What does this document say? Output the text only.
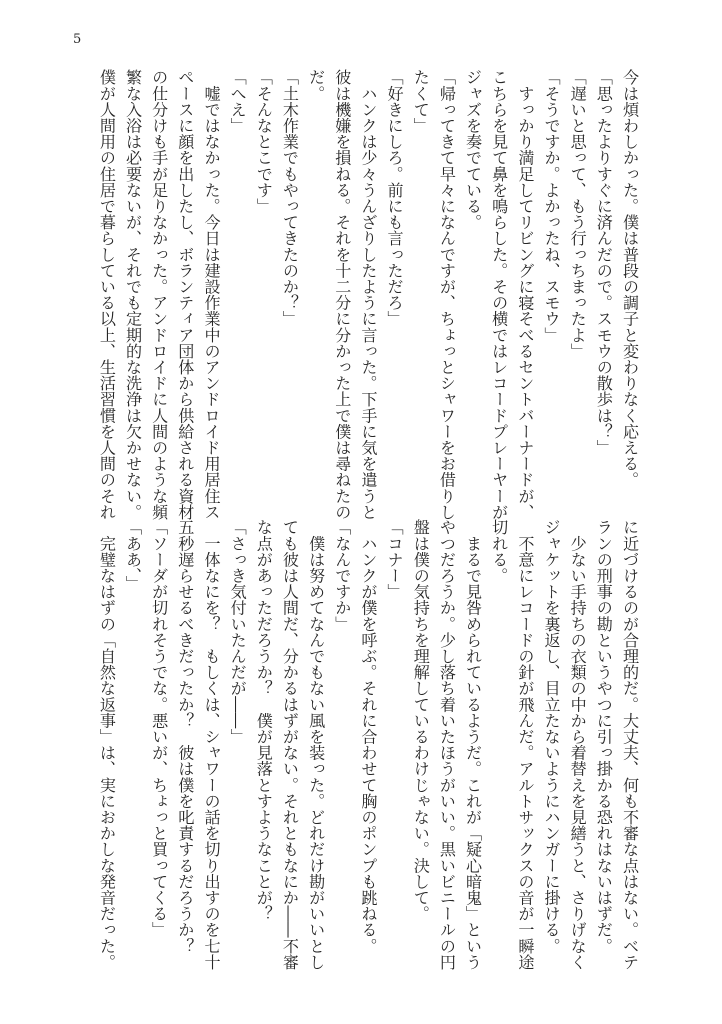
5
今は煩わしかった。僕は普段の調子と変わりなく応える。
「思ったよりすぐに済んだので。スモウの散歩は？」
「遅いと思って、もう行っちまったよ」
「そうですか。よかったね、スモウ」
　すっかり満足してリビングに寝そべるセントバーナードが、
こちらを見て鼻を鳴らした。その横ではレコードプレーヤーが
ジャズを奏でている。
「帰ってきて早々になんですが、ちょっとシャワーをお借りし
たくて」
「好きにしろ。前にも言っただろ」
　ハンクは少々うんざりしたように言った。下手に気を遣うと
彼は機嫌を損ねる。それを十二分に分かった上で僕は尋ねたの
だ。
「土木作業でもやってきたのか？」
「そんなとこです」
「へえ」
　嘘ではなかった。今日は建設作業中のアンドロイド用居住ス
ペースに顔を出したし、ボランティア団体から供給される資材
の仕分けも手が足りなかった。アンドロイドに人間のような頻
繁な入浴は必要ないが、それでも定期的な洗浄は欠かせない。
僕が人間用の住居で暮らしている以上、生活習慣を人間のそれ
に近づけるのが合理的だ。大丈夫、何も不審な点はない。ベテ
ランの刑事の勘というやつに引っ掛かる恐れはないはずだ。
　少ない手持ちの衣類の中から着替えを見繕うと、さりげなく
ジャケットを裏返し、目立たないようにハンガーに掛ける。
　不意にレコードの針が飛んだ。アルトサックスの音が一瞬途
切れる。
　まるで見咎められているようだ。これが「疑心暗鬼」という
やつだろうか。少し落ち着いたほうがいい。黒いビニールの円
盤は僕の気持ちを理解しているわけじゃない。決して。
「コナー」
　ハンクが僕を呼ぶ。それに合わせて胸のポンプも跳ねる。
「なんですか」
　僕は努めてなんでもない風を装った。どれだけ勘がいいとし
ても彼は人間だ、分かるはずがない。それともなにか――不審
な点があっただろうか？　僕が見落とすようなことが？
「さっき気付いたんだが――」
　一体なにを？　もしくは、シャワーの話を切り出すのを七十
五秒遅らせるべきだったか？　彼は僕を叱責するだろうか？
「ソーダが切れそうでな。悪いが、ちょっと買ってくる」
「ああ、」
　完璧なはずの「自然な返事」は、実におかしな発音だった。
